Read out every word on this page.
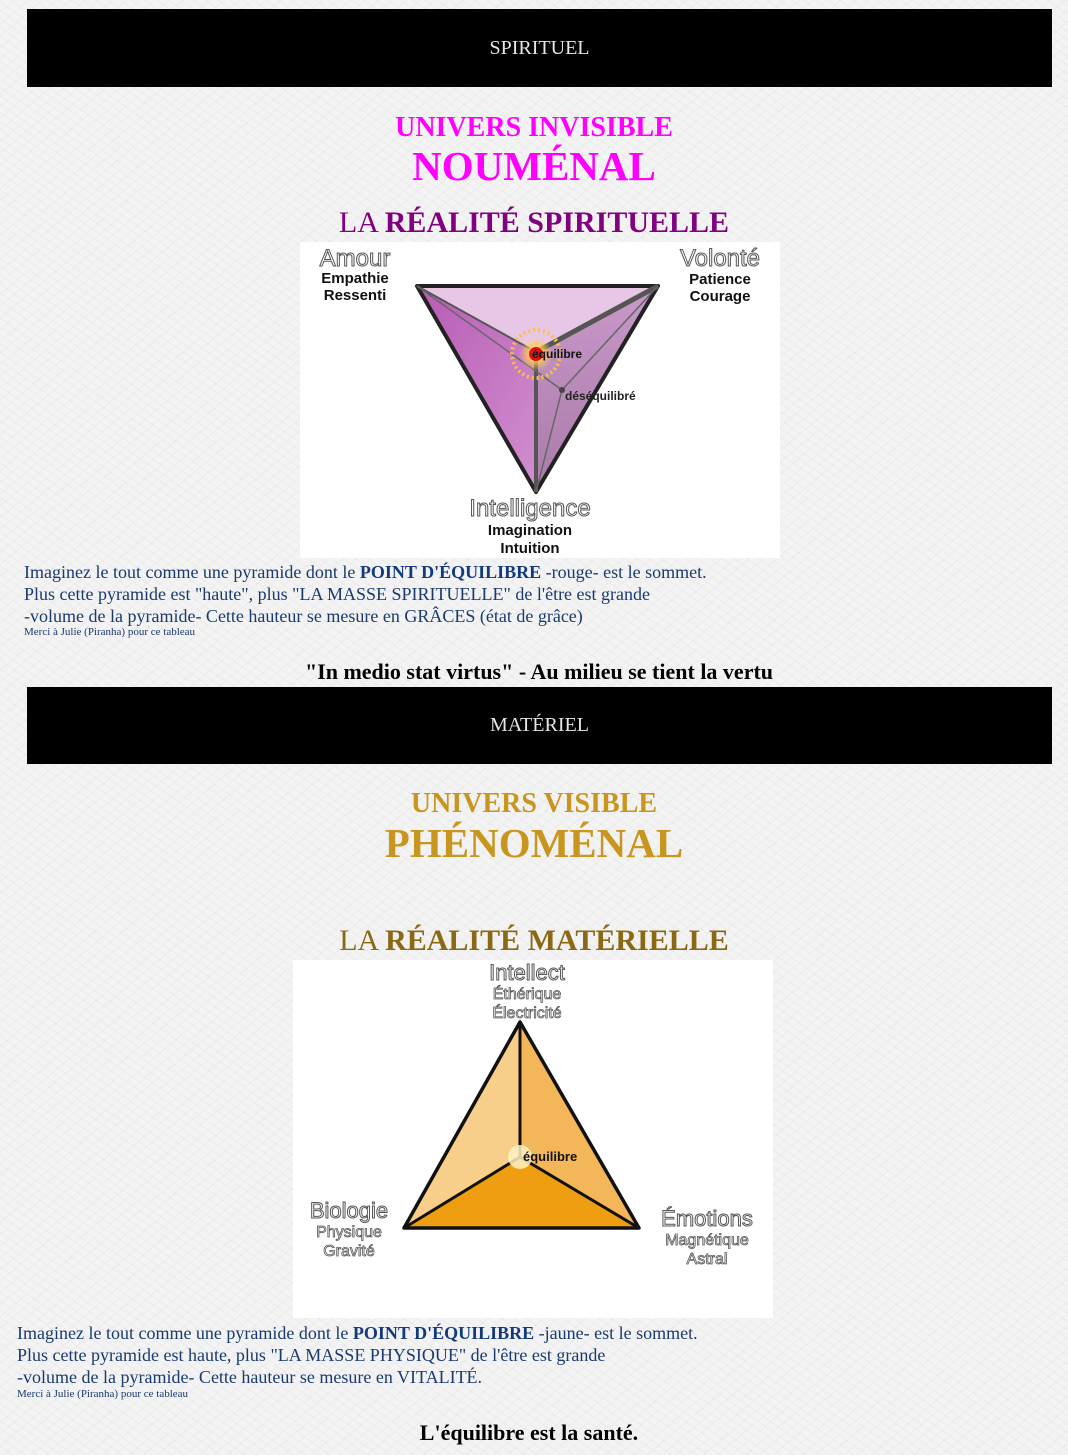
SPIRITUEL
UNIVERS INVISIBLE
NOUMÉNAL
LA RÉALITÉ SPIRITUELLE
équilibre
déséquilibré
Amour
Empathie
Ressenti
Volonté
Patience
Courage
Intelligence
Imagination
Intuition
Imaginez le tout comme une pyramide dont le POINT D'ÉQUILIBRE -rouge- est le sommet.
Plus cette pyramide est "haute", plus "LA MASSE SPIRITUELLE" de l'être est grande
-volume de la pyramide- Cette hauteur se mesure en GRÂCES (état de grâce)
Merci à Julie (Piranha) pour ce tableau
"In medio stat virtus" - Au milieu se tient la vertu
MATÉRIEL
UNIVERS VISIBLE
PHÉNOMÉNAL
LA RÉALITÉ MATÉRIELLE
équilibre
Intellect
Éthérique
Électricité
Biologie
Physique
Gravité
Émotions
Magnétique
Astral
Imaginez le tout comme une pyramide dont le POINT D'ÉQUILIBRE -jaune- est le sommet.
Plus cette pyramide est haute, plus "LA MASSE PHYSIQUE" de l'être est grande
-volume de la pyramide- Cette hauteur se mesure en VITALITÉ.
Merci à Julie (Piranha) pour ce tableau
L'équilibre est la santé.
